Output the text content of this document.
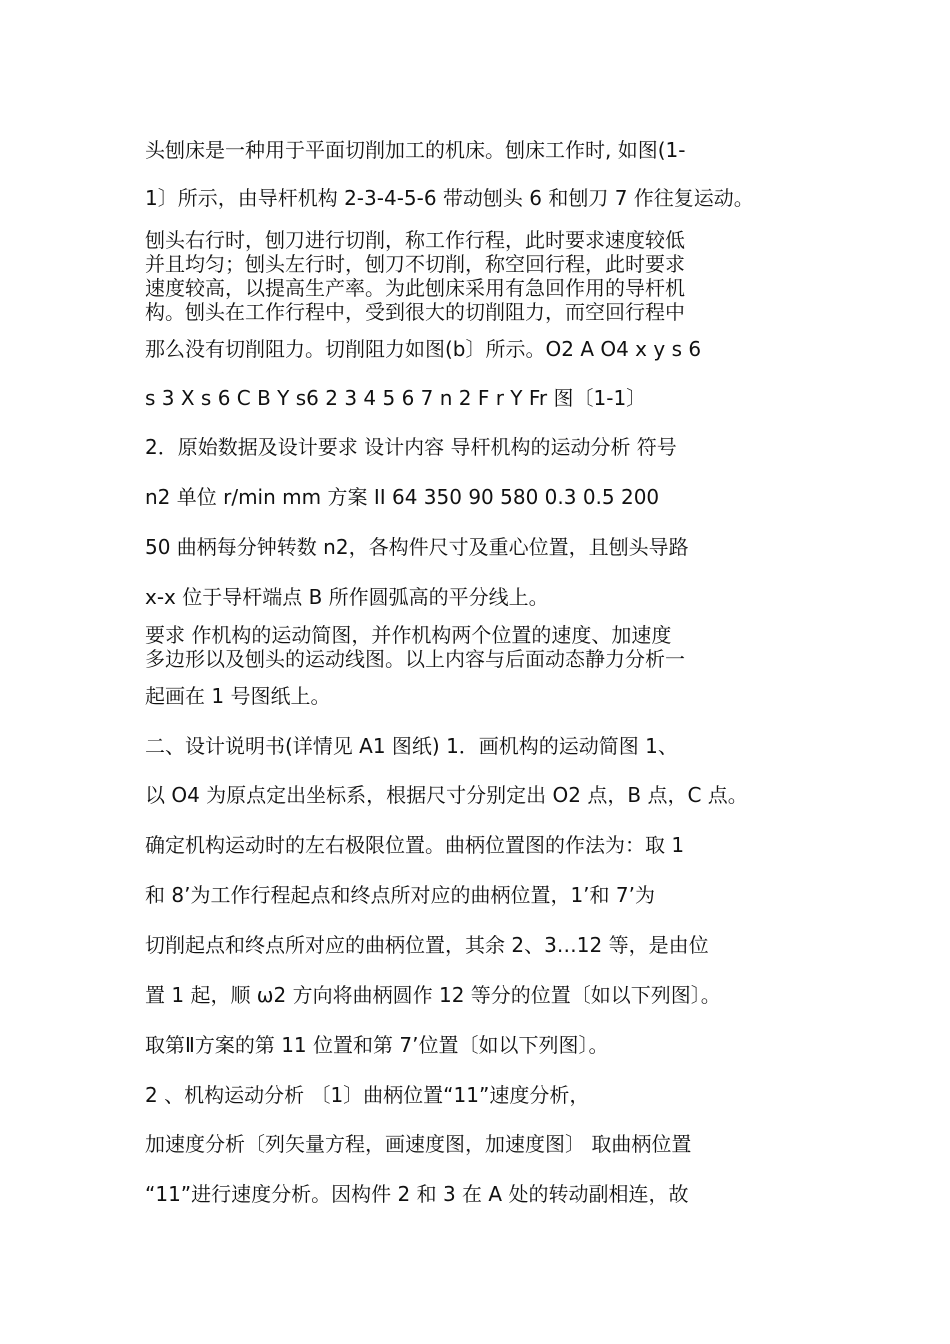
头刨床是一种用于平面切削加工的机床。刨床工作时, 如图(1-
1〕所示，由导杆机构 2-3-4-5-6 带动刨头 6 和刨刀 7 作往复运动。
刨头右行时，刨刀进行切削，称工作行程，此时要求速度较低
并且均匀；刨头左行时，刨刀不切削，称空回行程，此时要求
速度较高，以提高生产率。为此刨床采用有急回作用的导杆机
构。刨头在工作行程中，受到很大的切削阻力，而空回行程中
那么没有切削阻力。切削阻力如图(b〕所示。O2 A O4 x y s 6
s 3 X s 6 C B Y s6 2 3 4 5 6 7 n 2 F r Y Fr 图〔1-1〕
2．原始数据及设计要求 设计内容 导杆机构的运动分析 符号
n2 单位 r/min mm 方案 II 64 350 90 580 0.3 0.5 200
50 曲柄每分钟转数 n2，各构件尺寸及重心位置，且刨头导路
x-x 位于导杆端点 B 所作圆弧高的平分线上。
要求 作机构的运动简图，并作机构两个位置的速度、加速度
多边形以及刨头的运动线图。以上内容与后面动态静力分析一
起画在 1 号图纸上。
二、设计说明书(详情见 A1 图纸) 1．画机构的运动简图 1、
以 O4 为原点定出坐标系，根据尺寸分别定出 O2 点，B 点，C 点。
确定机构运动时的左右极限位置。曲柄位置图的作法为：取 1
和 8’为工作行程起点和终点所对应的曲柄位置，1’和 7’为
切削起点和终点所对应的曲柄位置，其余 2、3…12 等，是由位
置 1 起，顺 ω2 方向将曲柄圆作 12 等分的位置〔如以下列图〕。
取第Ⅱ方案的第 11 位置和第 7’位置〔如以下列图〕。
2 、机构运动分析 〔1〕曲柄位置“11”速度分析，
加速度分析〔列矢量方程，画速度图，加速度图〕 取曲柄位置
“11”进行速度分析。因构件 2 和 3 在 A 处的转动副相连，故
